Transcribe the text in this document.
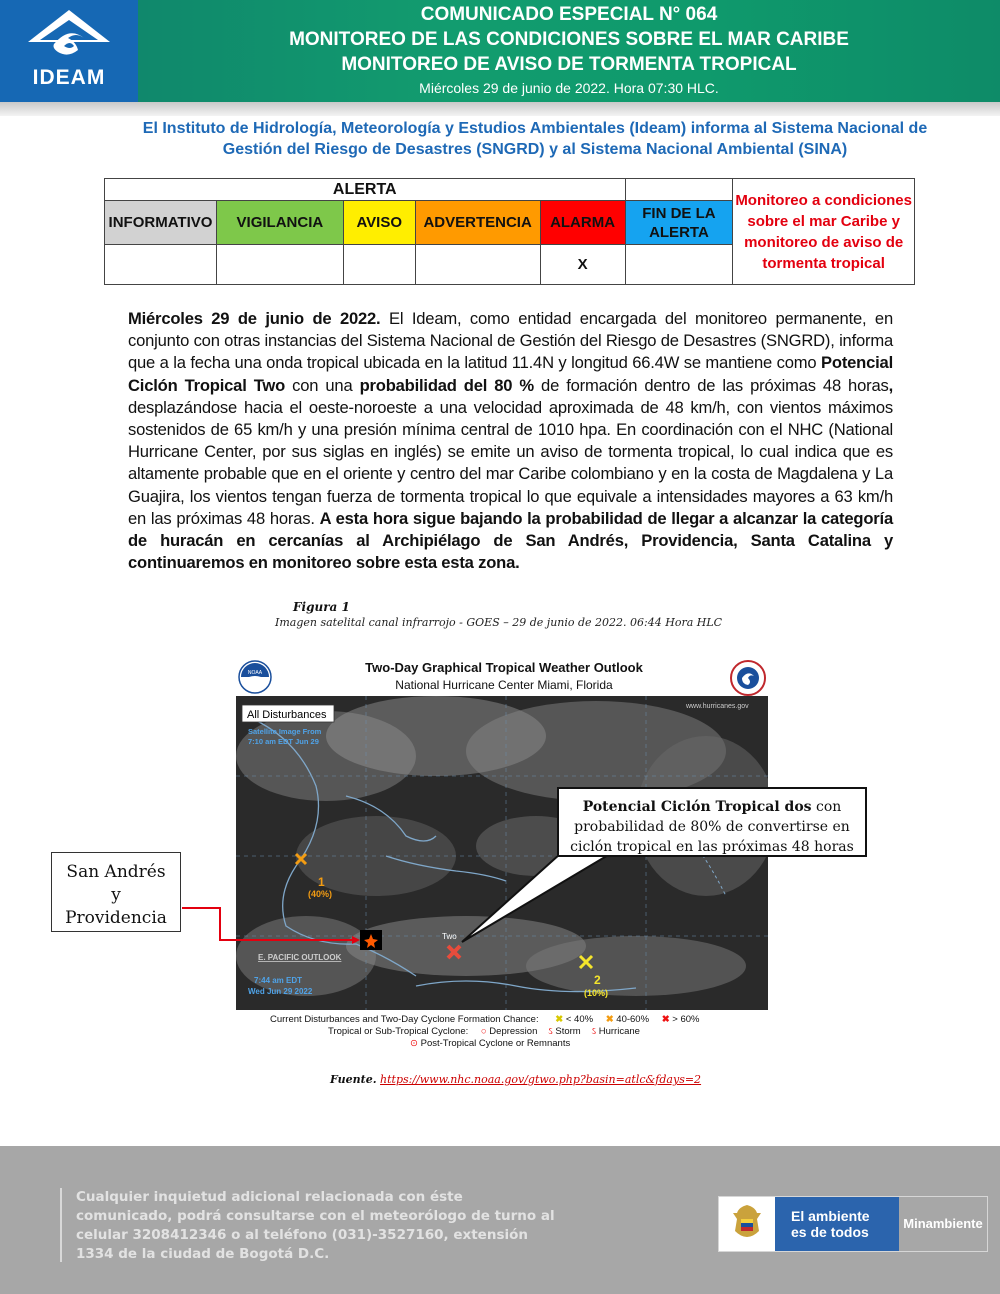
IDEAM
COMUNICADO ESPECIAL N° 064
MONITOREO DE LAS CONDICIONES SOBRE EL MAR CARIBE
MONITOREO DE AVISO DE TORMENTA TROPICAL
Miércoles 29 de junio de 2022. Hora 07:30 HLC.
El Instituto de Hidrología, Meteorología y Estudios Ambientales (Ideam) informa al Sistema Nacional de Gestión del Riesgo de Desastres (SNGRD) y al Sistema Nacional Ambiental (SINA)
ALERTA						Monitoreo a condiciones sobre el mar Caribe y monitoreo de aviso de tormenta tropical
INFORMATIVO	VIGILANCIA	AVISO	ADVERTENCIA	ALARMA	FIN DE LA ALERTA	
				X		

Miércoles 29 de junio de 2022. El Ideam, como entidad encargada del monitoreo permanente, en conjunto con otras instancias del Sistema Nacional de Gestión del Riesgo de Desastres (SNGRD), informa que a la fecha una onda tropical ubicada en la latitud 11.4N y longitud 66.4W se mantiene como Potencial Ciclón Tropical Two con una probabilidad del 80 % de formación dentro de las próximas 48 horas, desplazándose hacia el oeste-noroeste a una velocidad aproximada de 48 km/h, con vientos máximos sostenidos de 65 km/h y una presión mínima central de 1010 hpa. En coordinación con el NHC (National Hurricane Center, por sus siglas en inglés) se emite un aviso de tormenta tropical, lo cual indica que es altamente probable que en el oriente y centro del mar Caribe colombiano y en la costa de Magdalena y La Guajira, los vientos tengan fuerza de tormenta tropical lo que equivale a intensidades mayores a 63 km/h en las próximas 48 horas. A esta hora sigue bajando la probabilidad de llegar a alcanzar la categoría de huracán en cercanías al Archipiélago de San Andrés, Providencia, Santa Catalina y continuaremos en monitoreo sobre esta esta zona.

Figura 1
Imagen satelital canal infrarrojo - GOES – 29 de junio de 2022. 06:44 Hora HLC
NOAA	Two-Day Graphical Tropical Weather Outlook
National Hurricane Center Miami, Florida
All Disturbances
Satellite Image From
7:10 am EDT Jun 29
www.hurricanes.gov
1
(40%)
Two
2
(10%)
E. PACIFIC OUTLOOK
7:44 am EDT
Wed Jun 29 2022
Current Disturbances and Two-Day Cyclone Formation Chance: ✖ < 40% ✖ 40-60% ✖ > 60%
Tropical or Sub-Tropical Cyclone: ○ Depression ઽ Storm ઽ Hurricane
⊙ Post-Tropical Cyclone or Remnants
Potencial Ciclón Tropical dos con probabilidad de 80% de convertirse en ciclón tropical en las próximas 48 horas
San Andrés
y
Providencia
Fuente. https://www.nhc.noaa.gov/gtwo.php?basin=atlc&fdays=2
Cualquier inquietud adicional relacionada con éste comunicado, podrá consultarse con el meteorólogo de turno al celular 3208412346 o al teléfono (031)-3527160, extensión 1334 de la ciudad de Bogotá D.C.
El ambiente
es de todos
Minambiente
